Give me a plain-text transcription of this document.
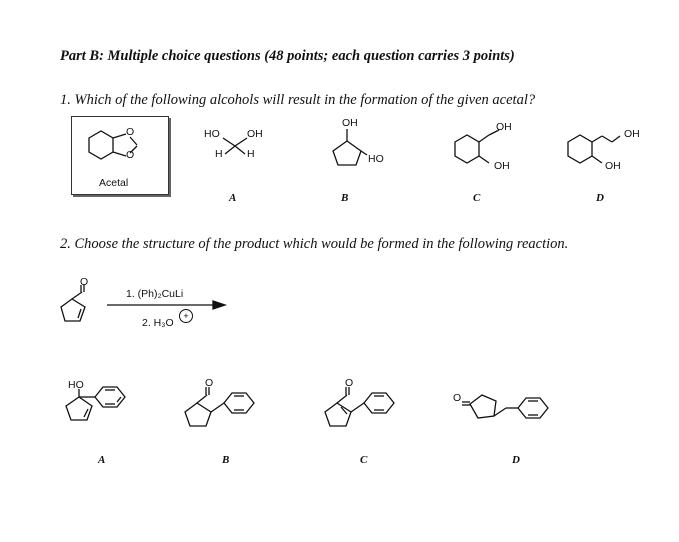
Part B: Multiple choice questions (48 points; each question carries 3 points)
1. Which of the following alcohols will result in the formation of the given acetal?
O
O
Acetal
HO	OH
H H
A
OH
HO
B
OH
OH
C
OH
OH
D
2. Choose the structure of the product which would be formed in the following reaction.
O
1. (Ph)₂CuLi
2. H₃O
+
HO
A
O
B
O
C
O
D
